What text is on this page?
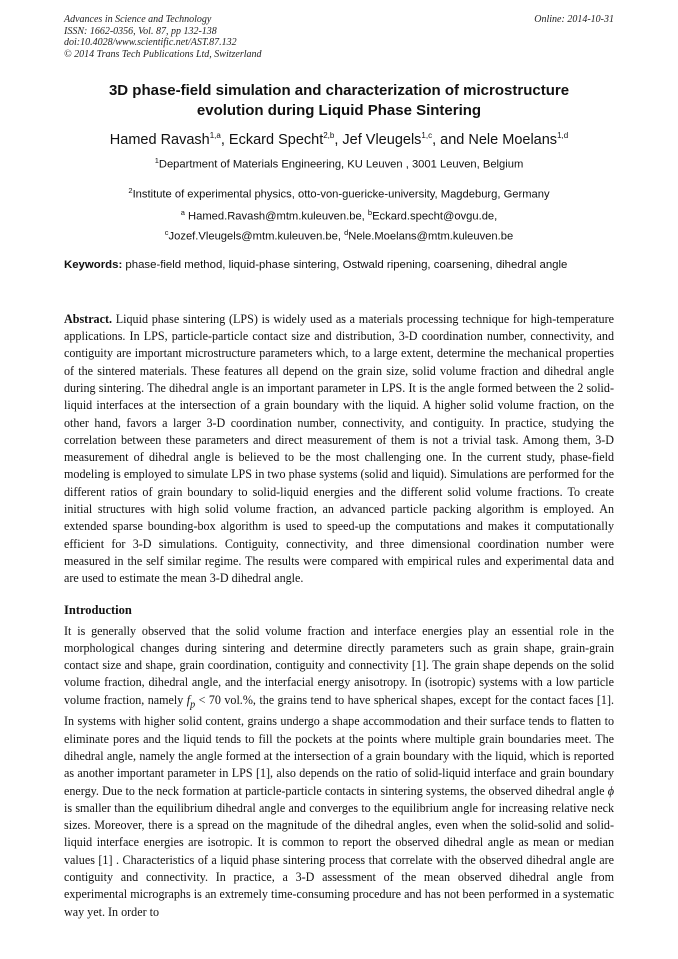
Advances in Science and Technology
ISSN: 1662-0356, Vol. 87, pp 132-138
doi:10.4028/www.scientific.net/AST.87.132
© 2014 Trans Tech Publications Ltd, Switzerland
Online: 2014-10-31
3D phase-field simulation and characterization of microstructure
evolution during Liquid Phase Sintering
Hamed Ravash$^{1,a}$, Eckard Specht$^{2,b}$, Jef Vleugels$^{1,c}$, and Nele Moelans$^{1,d}$
$^1$Department of Materials Engineering, KU Leuven , 3001 Leuven, Belgium
$^2$Institute of experimental physics, otto-von-guericke-university, Magdeburg, Germany
$^a$ Hamed.Ravash@mtm.kuleuven.be, $^b$Eckard.specht@ovgu.de,
$^c$Jozef.Vleugels@mtm.kuleuven.be, $^d$Nele.Moelans@mtm.kuleuven.be
Keywords: phase-field method, liquid-phase sintering, Ostwald ripening, coarsening, dihedral angle

Abstract. Liquid phase sintering (LPS) is widely used as a materials processing technique for high-temperature applications. In LPS, particle-particle contact size and distribution, 3-D coordination number, connectivity, and contiguity are important microstructure parameters which, to a large extent, determine the mechanical properties of the sintered materials. These features all depend on the grain size, solid volume fraction and dihedral angle during sintering. The dihedral angle is an important parameter in LPS. It is the angle formed between the 2 solid-liquid interfaces at the intersection of a grain boundary with the liquid. A higher solid volume fraction, on the other hand, favors a larger 3-D coordination number, connectivity, and contiguity. In practice, studying the correlation between these parameters and direct measurement of them is not a trivial task. Among them, 3-D measurement of dihedral angle is believed to be the most challenging one. In the current study, phase-field modeling is employed to simulate LPS in two phase systems (solid and liquid). Simulations are performed for the different ratios of grain boundary to solid-liquid energies and the different solid volume fractions. To create initial structures with high solid volume fraction, an advanced particle packing algorithm is employed. An extended sparse bounding-box algorithm is used to speed-up the computations and makes it computationally efficient for 3-D simulations. Contiguity, connectivity, and three dimensional coordination number were measured in the self similar regime. The results were compared with empirical rules and experimental data and are used to estimate the mean 3-D dihedral angle.

Introduction

It is generally observed that the solid volume fraction and interface energies play an essential role in the morphological changes during sintering and determine directly parameters such as grain shape, grain-grain contact size and shape, grain coordination, contiguity and connectivity [1]. The grain shape depends on the solid volume fraction, dihedral angle, and the interfacial energy anisotropy. In (isotropic) systems with a low particle volume fraction, namely $f_p < 70$ vol.%, the grains tend to have spherical shapes, except for the contact faces [1]. In systems with higher solid content, grains undergo a shape accommodation and their surface tends to flatten to eliminate pores and the liquid tends to fill the pockets at the points where multiple grain boundaries meet. The dihedral angle, namely the angle formed at the intersection of a grain boundary with the liquid, which is reported as another important parameter in LPS [1], also depends on the ratio of solid-liquid interface and grain boundary energy. Due to the neck formation at particle-particle contacts in sintering systems, the observed dihedral angle ϕ is smaller than the equilibrium dihedral angle and converges to the equilibrium angle for increasing relative neck sizes. Moreover, there is a spread on the magnitude of the dihedral angles, even when the solid-solid and solid-liquid interface energies are isotropic. It is common to report the observed dihedral angle as mean or median values [1] . Characteristics of a liquid phase sintering process that correlate with the observed dihedral angle are contiguity and connectivity. In practice, a 3-D assessment of the mean observed dihedral angle from experimental micrographs is an extremely time-consuming procedure and has not been performed in a systematic way yet. In order to
